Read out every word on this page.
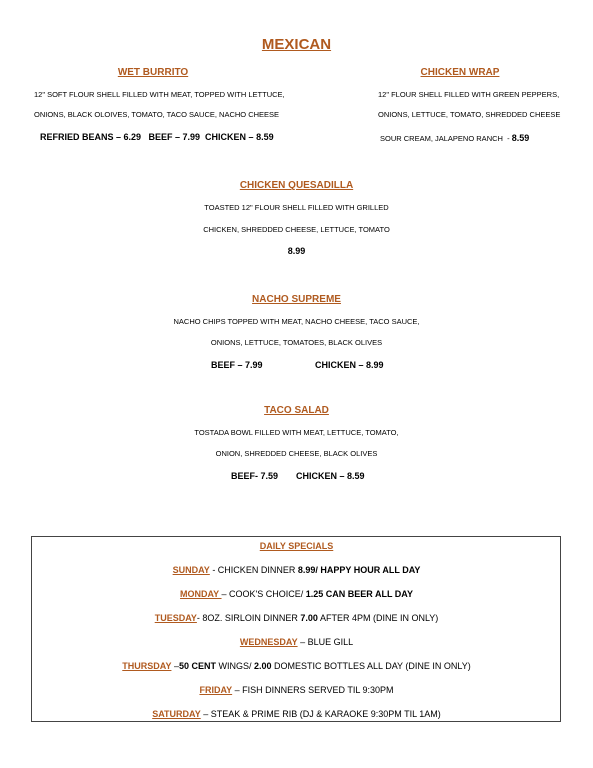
MEXICAN
WET BURRITO
12" SOFT FLOUR SHELL FILLED WITH MEAT, TOPPED WITH LETTUCE,
ONIONS, BLACK OLOIVES, TOMATO, TACO SAUCE, NACHO CHEESE
REFRIED BEANS – 6.29   BEEF – 7.99  CHICKEN – 8.59
CHICKEN WRAP
12" FLOUR SHELL FILLED WITH GREEN PEPPERS,
ONIONS, LETTUCE, TOMATO, SHREDDED CHEESE
SOUR CREAM, JALAPENO RANCH  - 8.59
CHICKEN QUESADILLA
TOASTED 12" FLOUR SHELL FILLED WITH GRILLED
CHICKEN, SHREDDED CHEESE, LETTUCE, TOMATO
8.99
NACHO SUPREME
NACHO CHIPS TOPPED WITH MEAT, NACHO CHEESE, TACO SAUCE,
ONIONS, LETTUCE, TOMATOES, BLACK OLIVES
BEEF – 7.99	CHICKEN – 8.99
TACO SALAD
TOSTADA BOWL FILLED WITH MEAT, LETTUCE, TOMATO,
ONION, SHREDDED CHEESE, BLACK OLIVES
BEEF- 7.59 CHICKEN – 8.59
DAILY SPECIALS
SUNDAY - CHICKEN DINNER 8.99/ HAPPY HOUR ALL DAY
MONDAY – COOK'S CHOICE/ 1.25 CAN BEER ALL DAY
TUESDAY- 8OZ. SIRLOIN DINNER 7.00 AFTER 4PM (DINE IN ONLY)
WEDNESDAY – BLUE GILL
THURSDAY –50 CENT WINGS/ 2.00 DOMESTIC BOTTLES ALL DAY (DINE IN ONLY)
FRIDAY – FISH DINNERS SERVED TIL 9:30PM
SATURDAY – STEAK & PRIME RIB (DJ & KARAOKE 9:30PM TIL 1AM)
